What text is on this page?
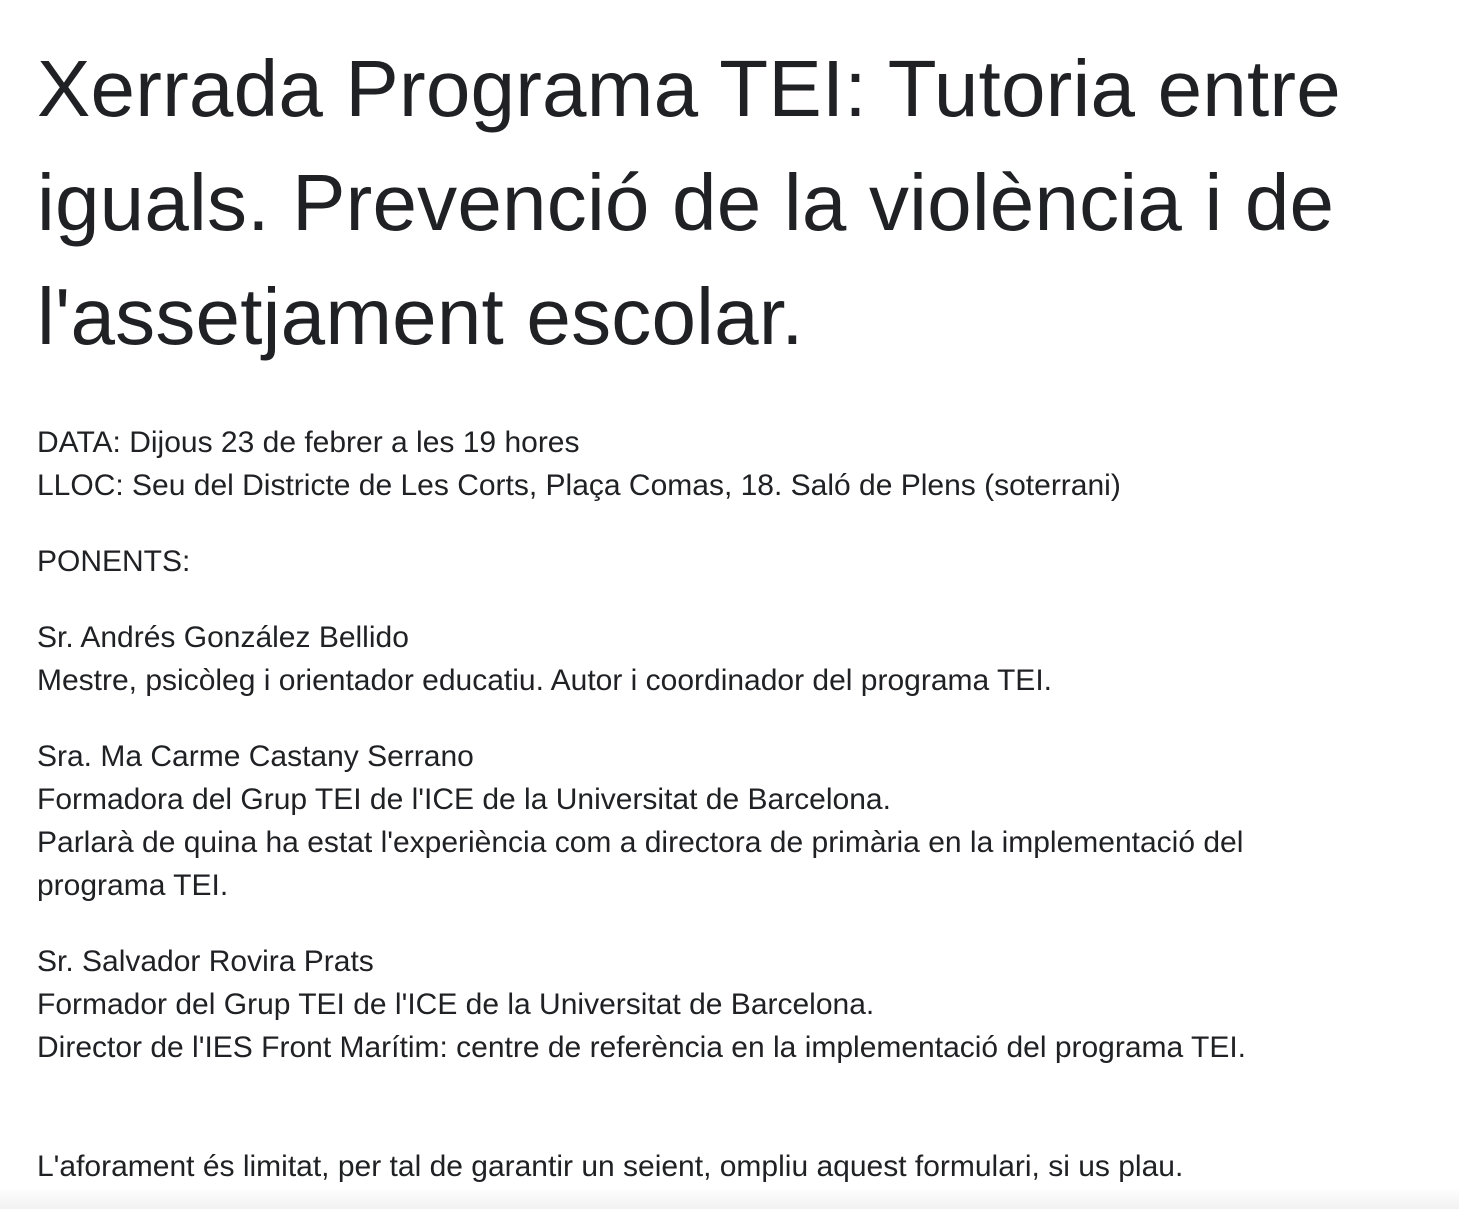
Xerrada Programa TEI: Tutoria entre iguals. Prevenció de la violència i de l'assetjament escolar.
DATA: Dijous 23 de febrer a les 19 hores
LLOC: Seu del Districte de Les Corts, Plaça Comas, 18. Saló de Plens (soterrani)
PONENTS:
Sr. Andrés González Bellido
Mestre, psicòleg i orientador educatiu. Autor i coordinador del programa TEI.
Sra. Ma Carme Castany Serrano
Formadora del Grup TEI de l'ICE de la Universitat de Barcelona.
Parlarà de quina ha estat l'experiència com a directora de primària en la implementació del programa TEI.
Sr. Salvador Rovira Prats
Formador del Grup TEI de l'ICE de la Universitat de Barcelona.
Director de l'IES Front Marítim: centre de referència en la implementació del programa TEI.
L'aforament és limitat, per tal de garantir un seient, ompliu aquest formulari, si us plau.
